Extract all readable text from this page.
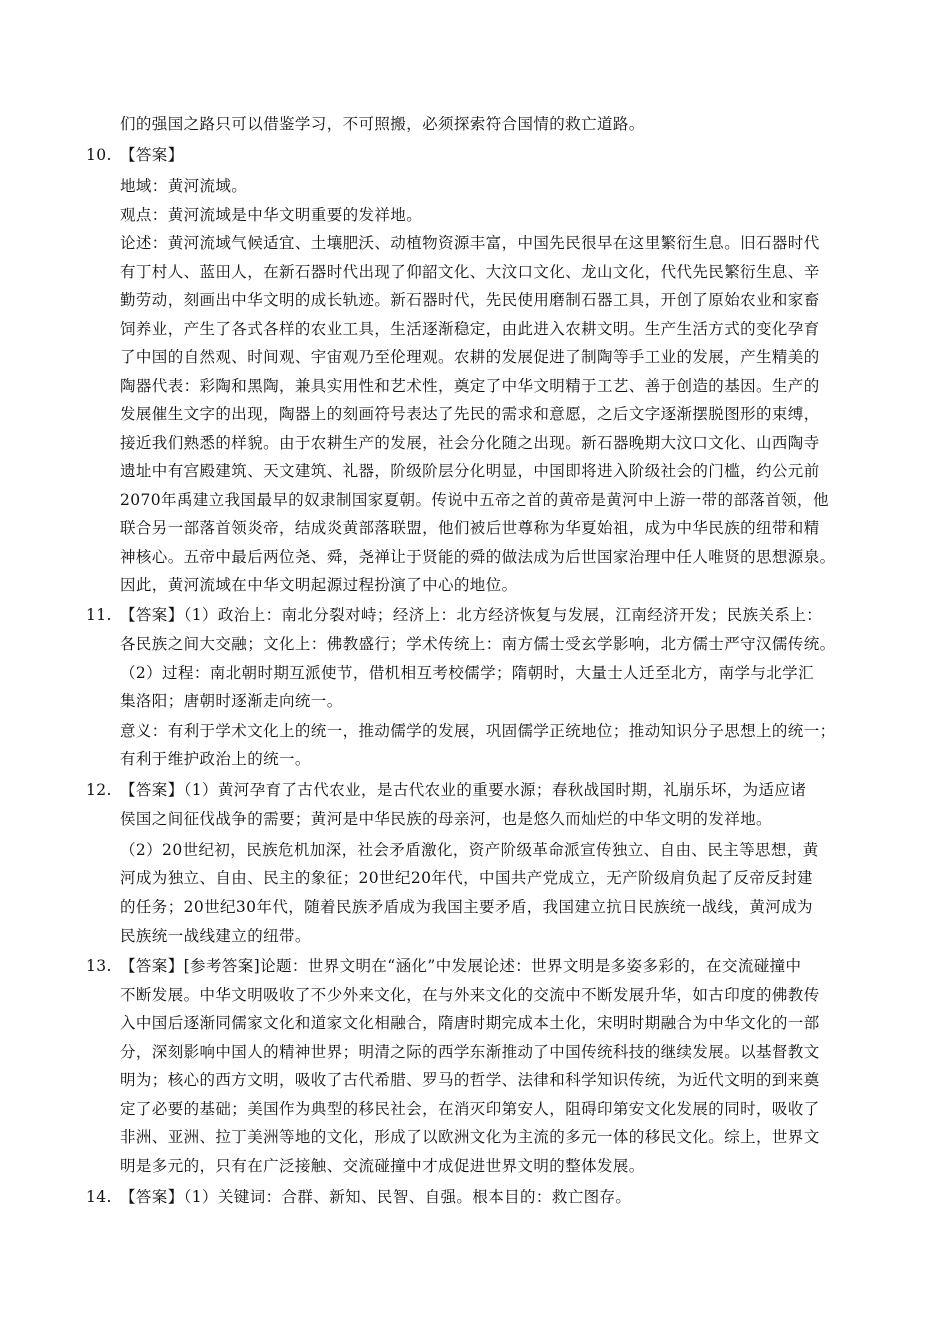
们的强国之路只可以借鉴学习，不可照搬，必须探索符合国情的救亡道路。
10. 【答案】
地域：黄河流域。
观点：黄河流域是中华文明重要的发祥地。
论述：黄河流域气候适宜、土壤肥沃、动植物资源丰富，中国先民很早在这里繁衍生息。旧石器时代
有丁村人、蓝田人，在新石器时代出现了仰韶文化、大汶口文化、龙山文化，代代先民繁衍生息、辛
勤劳动，刻画出中华文明的成长轨迹。新石器时代，先民使用磨制石器工具，开创了原始农业和家畜
饲养业，产生了各式各样的农业工具，生活逐渐稳定，由此进入农耕文明。生产生活方式的变化孕育
了中国的自然观、时间观、宇宙观乃至伦理观。农耕的发展促进了制陶等手工业的发展，产生精美的
陶器代表：彩陶和黑陶，兼具实用性和艺术性，奠定了中华文明精于工艺、善于创造的基因。生产的
发展催生文字的出现，陶器上的刻画符号表达了先民的需求和意愿，之后文字逐渐摆脱图形的束缚，
接近我们熟悉的样貌。由于农耕生产的发展，社会分化随之出现。新石器晚期大汶口文化、山西陶寺
遗址中有宫殿建筑、天文建筑、礼器，阶级阶层分化明显，中国即将进入阶级社会的门槛，约公元前
2070年禹建立我国最早的奴隶制国家夏朝。传说中五帝之首的黄帝是黄河中上游一带的部落首领，他
联合另一部落首领炎帝，结成炎黄部落联盟，他们被后世尊称为华夏始祖，成为中华民族的纽带和精
神核心。五帝中最后两位尧、舜，尧禅让于贤能的舜的做法成为后世国家治理中任人唯贤的思想源泉。
因此，黄河流域在中华文明起源过程扮演了中心的地位。
11. 【答案】（1）政治上：南北分裂对峙；经济上：北方经济恢复与发展，江南经济开发；民族关系上：
各民族之间大交融；文化上：佛教盛行；学术传统上：南方儒士受玄学影响，北方儒士严守汉儒传统。
（2）过程：南北朝时期互派使节，借机相互考校儒学；隋朝时，大量士人迁至北方，南学与北学汇
集洛阳；唐朝时逐渐走向统一。
意义：有利于学术文化上的统一，推动儒学的发展，巩固儒学正统地位；推动知识分子思想上的统一；
有利于维护政治上的统一。
12. 【答案】（1）黄河孕育了古代农业，是古代农业的重要水源；春秋战国时期，礼崩乐坏，为适应诸
侯国之间征伐战争的需要；黄河是中华民族的母亲河，也是悠久而灿烂的中华文明的发祥地。
（2）20世纪初，民族危机加深，社会矛盾激化，资产阶级革命派宣传独立、自由、民主等思想，黄
河成为独立、自由、民主的象征；20世纪20年代，中国共产党成立，无产阶级肩负起了反帝反封建
的任务；20世纪30年代，随着民族矛盾成为我国主要矛盾，我国建立抗日民族统一战线，黄河成为
民族统一战线建立的纽带。
13. 【答案】[参考答案]论题：世界文明在“涵化”中发展论述：世界文明是多姿多彩的，在交流碰撞中
不断发展。中华文明吸收了不少外来文化，在与外来文化的交流中不断发展升华，如古印度的佛教传
入中国后逐渐同儒家文化和道家文化相融合，隋唐时期完成本土化，宋明时期融合为中华文化的一部
分，深刻影响中国人的精神世界；明清之际的西学东渐推动了中国传统科技的继续发展。以基督教文
明为；核心的西方文明，吸收了古代希腊、罗马的哲学、法律和科学知识传统，为近代文明的到来奠
定了必要的基础；美国作为典型的移民社会，在消灭印第安人，阻碍印第安文化发展的同时，吸收了
非洲、亚洲、拉丁美洲等地的文化，形成了以欧洲文化为主流的多元一体的移民文化。综上，世界文
明是多元的，只有在广泛接触、交流碰撞中才成促进世界文明的整体发展。
14. 【答案】（1）关键词：合群、新知、民智、自强。根本目的：救亡图存。
